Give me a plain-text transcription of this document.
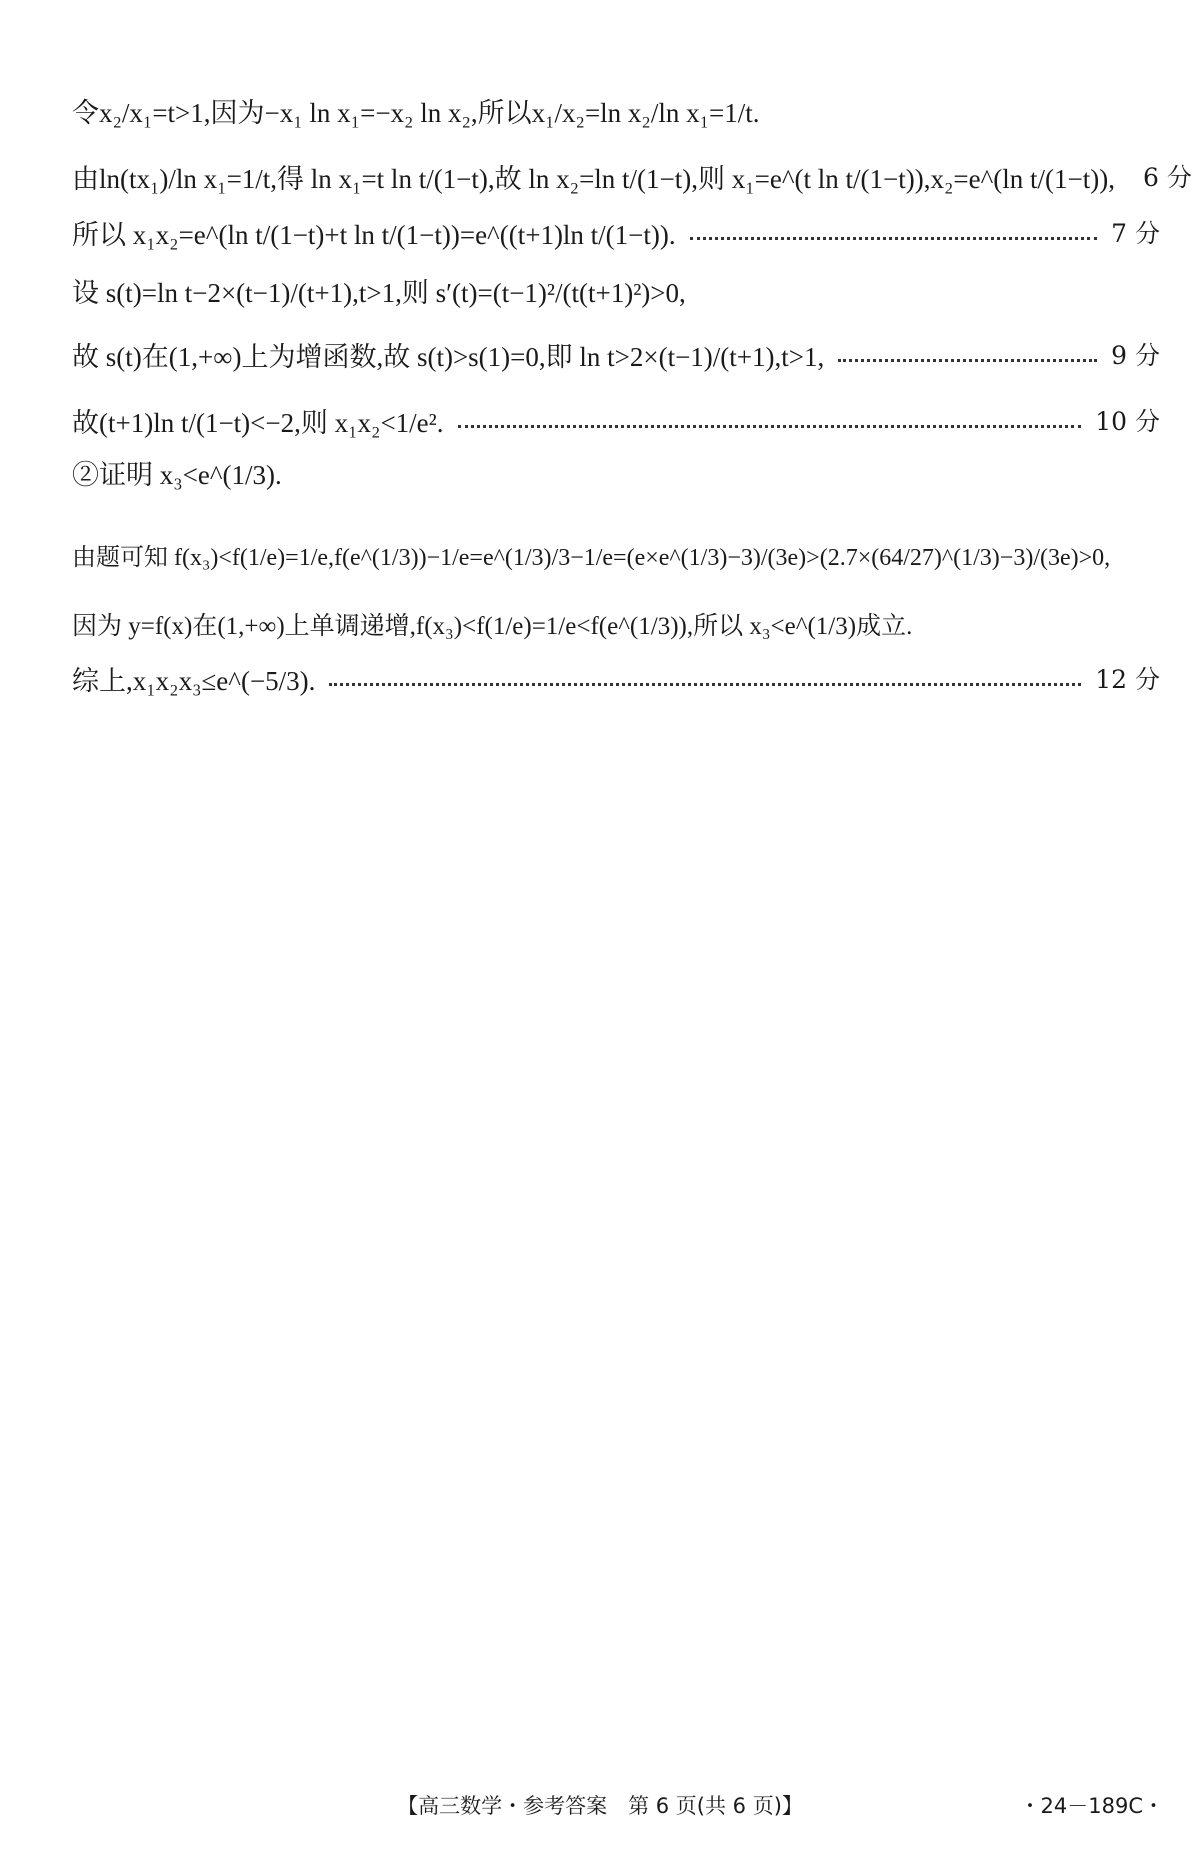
令x₂/x₁=t>1,因为−x₁ ln x₁=−x₂ ln x₂,所以x₁/x₂=ln x₂/ln x₁=1/t.
由ln(tx₁)/ln x₁=1/t,得 ln x₁=t ln t/(1−t),故 ln x₂=ln t/(1−t),则 x₁=e^(t ln t/(1−t)),x₂=e^(ln t/(1−t)), 6 分
所以 x₁x₂=e^(ln t/(1−t)+t ln t/(1−t))=e^((t+1)ln t/(1−t)).	7 分
设 s(t)=ln t−2×(t−1)/(t+1),t>1,则 s′(t)=(t−1)²/(t(t+1)²)>0,
故 s(t)在(1,+∞)上为增函数,故 s(t)>s(1)=0,即 ln t>2×(t−1)/(t+1),t>1,	9 分
故(t+1)ln t/(1−t)<−2,则 x₁x₂<1/e².	10 分
②证明 x₃<e^(1/3).
由题可知 f(x₃)<f(1/e)=1/e,f(e^(1/3))−1/e=e^(1/3)/3−1/e=(e×e^(1/3)−3)/(3e)>(2.7×(64/27)^(1/3)−3)/(3e)>0,
因为 y=f(x)在(1,+∞)上单调递增,f(x₃)<f(1/e)=1/e<f(e^(1/3)),所以 x₃<e^(1/3)成立.
综上,x₁x₂x₃≤e^(−5/3).	12 分
【高三数学・参考答案　第 6 页(共 6 页)】	・24－189C・
